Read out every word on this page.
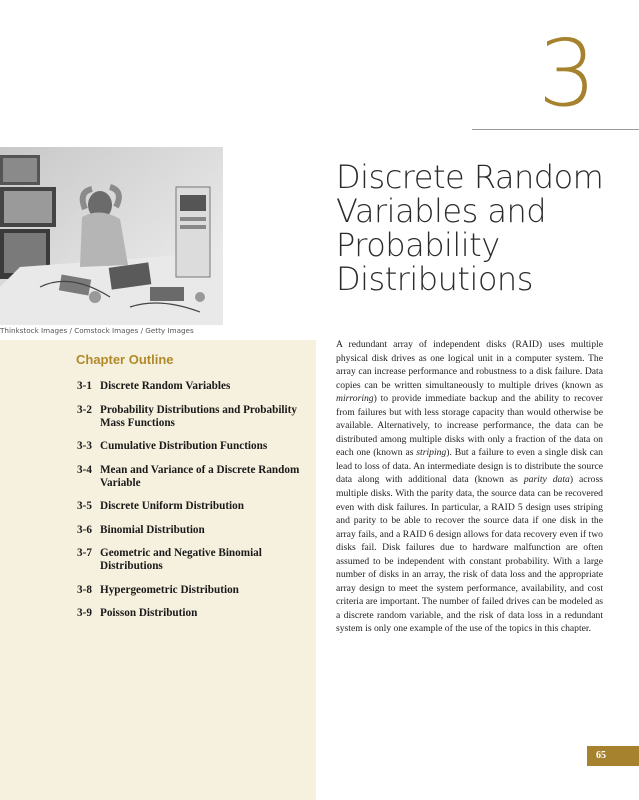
3
Discrete Random Variables and Probability Distributions
Thinkstock Images / Comstock Images / Getty Images
Chapter Outline
3-1 Discrete Random Variables
3-2 Probability Distributions and Probability Mass Functions
3-3 Cumulative Distribution Functions
3-4 Mean and Variance of a Discrete Random Variable
3-5 Discrete Uniform Distribution
3-6 Binomial Distribution
3-7 Geometric and Negative Binomial Distributions
3-8 Hypergeometric Distribution
3-9 Poisson Distribution

A redundant array of independent disks (RAID) uses multiple physical disk drives as one logical unit in a computer system. The array can increase performance and robustness to a disk failure. Data copies can be written simultaneously to multiple drives (known as mirroring) to provide immediate backup and the ability to recover from failures but with less storage capacity than would otherwise be available. Alternatively, to increase performance, the data can be distributed among multiple disks with only a fraction of the data on each one (known as striping). But a failure to even a single disk can lead to loss of data. An intermediate design is to distribute the source data along with additional data (known as parity data) across multiple disks. With the parity data, the source data can be recovered even with disk failures. In particular, a RAID 5 design uses striping and parity to be able to recover the source data if one disk in the array fails, and a RAID 6 design allows for data recovery even if two disks fail. Disk failures due to hardware malfunction are often assumed to be independent with constant probability. With a large number of disks in an array, the risk of data loss and the appropriate array design to meet the system performance, availability, and cost criteria are important. The number of failed drives can be modeled as a discrete random variable, and the risk of data loss in a redundant system is only one example of the use of the topics in this chapter.

65
